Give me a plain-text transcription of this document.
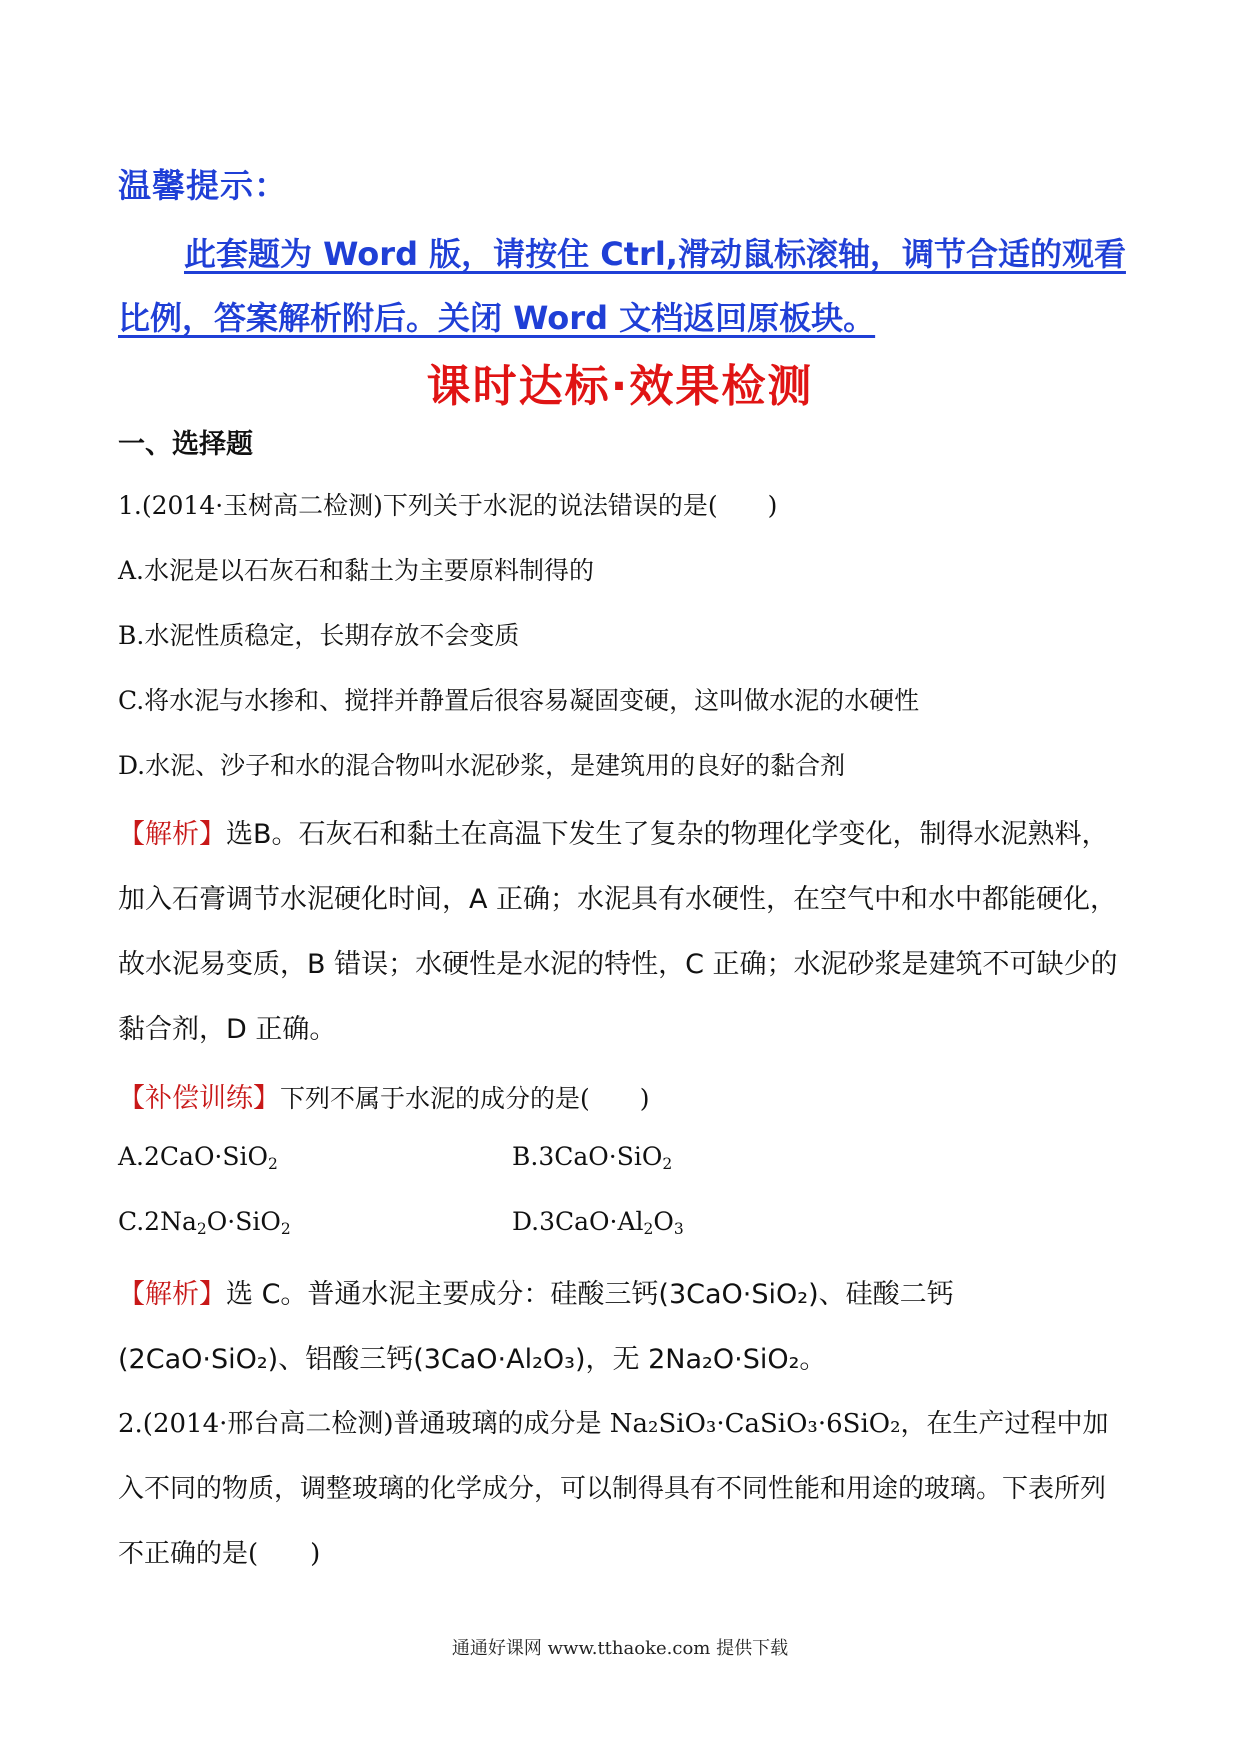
温馨提示：
此套题为 Word 版，请按住 Ctrl,滑动鼠标滚轴，调节合适的观看比例，答案解析附后。关闭 Word 文档返回原板块。
课时达标·效果检测
一、选择题
1.(2014·玉树高二检测)下列关于水泥的说法错误的是(　　)
A.水泥是以石灰石和黏土为主要原料制得的
B.水泥性质稳定，长期存放不会变质
C.将水泥与水掺和、搅拌并静置后很容易凝固变硬，这叫做水泥的水硬性
D.水泥、沙子和水的混合物叫水泥砂浆，是建筑用的良好的黏合剂
【解析】选B。石灰石和黏土在高温下发生了复杂的物理化学变化，制得水泥熟料，加入石膏调节水泥硬化时间，A 正确；水泥具有水硬性，在空气中和水中都能硬化，故水泥易变质，B 错误；水硬性是水泥的特性，C 正确；水泥砂浆是建筑不可缺少的黏合剂，D 正确。
【补偿训练】下列不属于水泥的成分的是(　　)
A.2CaO·SiO$_2$	B.3CaO·SiO$_2$
$C.2Na_2O\cdot SiO_2$	$D.3CaO\cdot Al_2O_3$
【解析】选 C。普通水泥主要成分：硅酸三钙(3CaO·SiO₂)、硅酸二钙(2CaO·SiO₂)、铝酸三钙(3CaO·Al₂O₃)，无 2Na₂O·SiO₂。
2.(2014·邢台高二检测)普通玻璃的成分是 Na₂SiO₃·CaSiO₃·6SiO₂，在生产过程中加入不同的物质，调整玻璃的化学成分，可以制得具有不同性能和用途的玻璃。下表所列不正确的是(　　)
通通好课网 www.tthaoke.com 提供下载
